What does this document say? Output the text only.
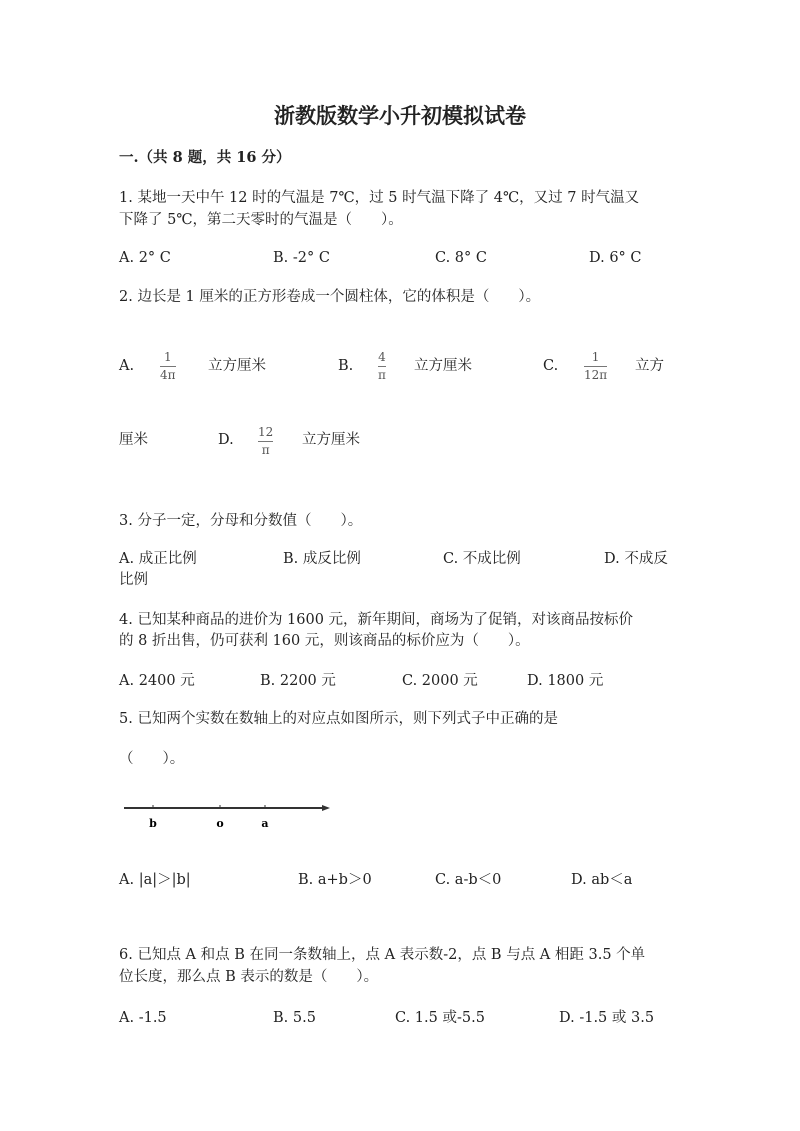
浙教版数学小升初模拟试卷
一.（共 8 题，共 16 分）
1. 某地一天中午 12 时的气温是 7℃，过 5 时气温下降了 4℃，又过 7 时气温又
下降了 5℃，第二天零时的气温是（　　）。
A. 2° C	B. -2° C	C. 8° C	D. 6° C
2. 边长是 1 厘米的正方形卷成一个圆柱体，它的体积是（　　）。
A.
1
4π
立方厘米	B.
4
π
立方厘米	C.
1
12π
立方
厘米	D. 12
π
立方厘米
3. 分子一定，分母和分数值（　　）。
A. 成正比例	B. 成反比例	C. 不成比例	D. 不成反
比例
4. 已知某种商品的进价为 1600 元，新年期间，商场为了促销，对该商品按标价
的 8 折出售，仍可获利 160 元，则该商品的标价应为（　　）。
A. 2400 元	B. 2200 元	C. 2000 元	D. 1800 元
5. 已知两个实数在数轴上的对应点如图所示，则下列式子中正确的是
（　　）。
b	o	a
A. |a|＞|b|	B. a+b＞0	C. a-b＜0	D. ab＜a
6. 已知点 A 和点 B 在同一条数轴上，点 A 表示数-2，点 B 与点 A 相距 3.5 个单
位长度，那么点 B 表示的数是（　　）。
A. -1.5	B. 5.5	C. 1.5 或-5.5	D. -1.5 或 3.5
